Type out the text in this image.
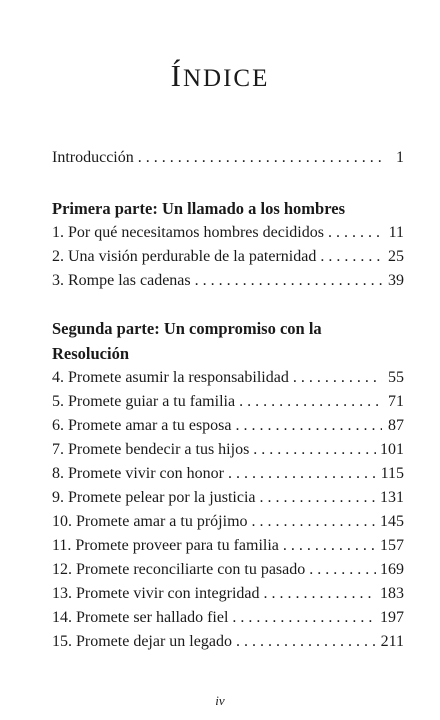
ÍNDICE
Introducción . . .	1
Primera parte: Un llamado a los hombres
1. Por qué necesitamos hombres decididos . . .	11
2. Una visión perdurable de la paternidad . . .	25
3. Rompe las cadenas . . .	39
Segunda parte: Un compromiso con la
Resolución
4. Promete asumir la responsabilidad . . .	55
5. Promete guiar a tu familia . . .	71
6. Promete amar a tu esposa . . .	87
7. Promete bendecir a tus hijos . . .	101
8. Promete vivir con honor . . .	115
9. Promete pelear por la justicia . . .	131
10. Promete amar a tu prójimo . . .	145
11. Promete proveer para tu familia . . .	157
12. Promete reconciliarte con tu pasado . . .	169
13. Promete vivir con integridad . . .	183
14. Promete ser hallado fiel . . .	197
15. Promete dejar un legado . . .	211
iv
